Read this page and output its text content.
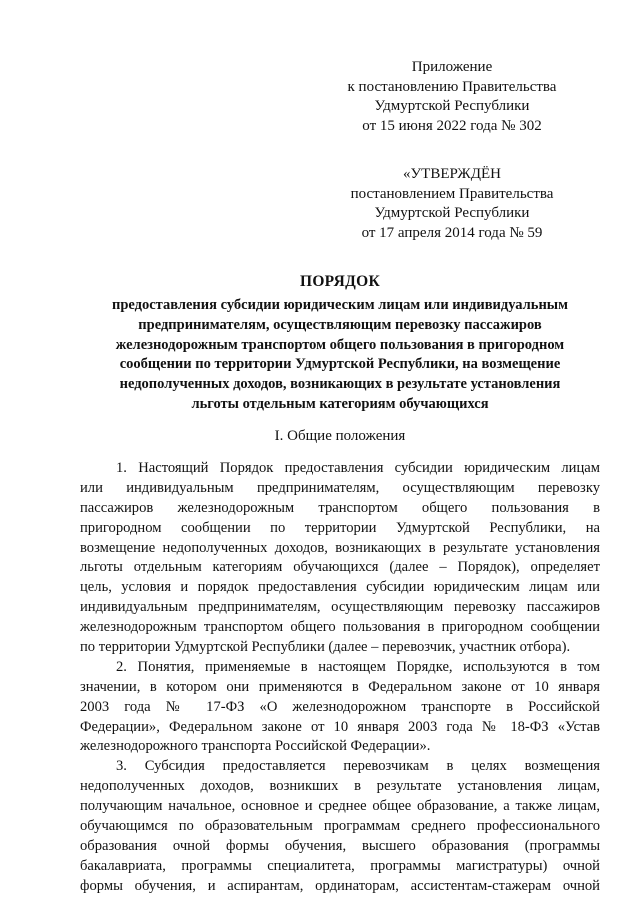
Приложение
к постановлению Правительства
Удмуртской Республики
от 15 июня 2022 года № 302
«УТВЕРЖДЁН
постановлением Правительства
Удмуртской Республики
от 17 апреля 2014 года № 59
ПОРЯДОК
предоставления субсидии юридическим лицам или индивидуальным
предпринимателям, осуществляющим перевозку пассажиров
железнодорожным транспортом общего пользования в пригородном
сообщении по территории Удмуртской Республики, на возмещение
недополученных доходов, возникающих в результате установления
льготы отдельным категориям обучающихся
I. Общие положения
1. Настоящий Порядок предоставления субсидии юридическим лицам
или индивидуальным предпринимателям, осуществляющим перевозку
пассажиров железнодорожным транспортом общего пользования в
пригородном сообщении по территории Удмуртской Республики, на
возмещение недополученных доходов, возникающих в результате установления
льготы отдельным категориям обучающихся (далее – Порядок), определяет
цель, условия и порядок предоставления субсидии юридическим лицам или
индивидуальным предпринимателям, осуществляющим перевозку пассажиров
железнодорожным транспортом общего пользования в пригородном сообщении
по территории Удмуртской Республики (далее – перевозчик, участник отбора).
2. Понятия, применяемые в настоящем Порядке, используются в том
значении, в котором они применяются в Федеральном законе от 10 января
2003 года № 17-ФЗ «О железнодорожном транспорте в Российской
Федерации», Федеральном законе от 10 января 2003 года № 18-ФЗ «Устав
железнодорожного транспорта Российской Федерации».
3. Субсидия предоставляется перевозчикам в целях возмещения
недополученных доходов, возникших в результате установления лицам,
получающим начальное, основное и среднее общее образование, а также лицам,
обучающимся по образовательным программам среднего профессионального
образования очной формы обучения, высшего образования (программы
бакалавриата, программы специалитета, программы магистратуры) очной
формы обучения, и аспирантам, ординаторам, ассистентам-стажерам очной
